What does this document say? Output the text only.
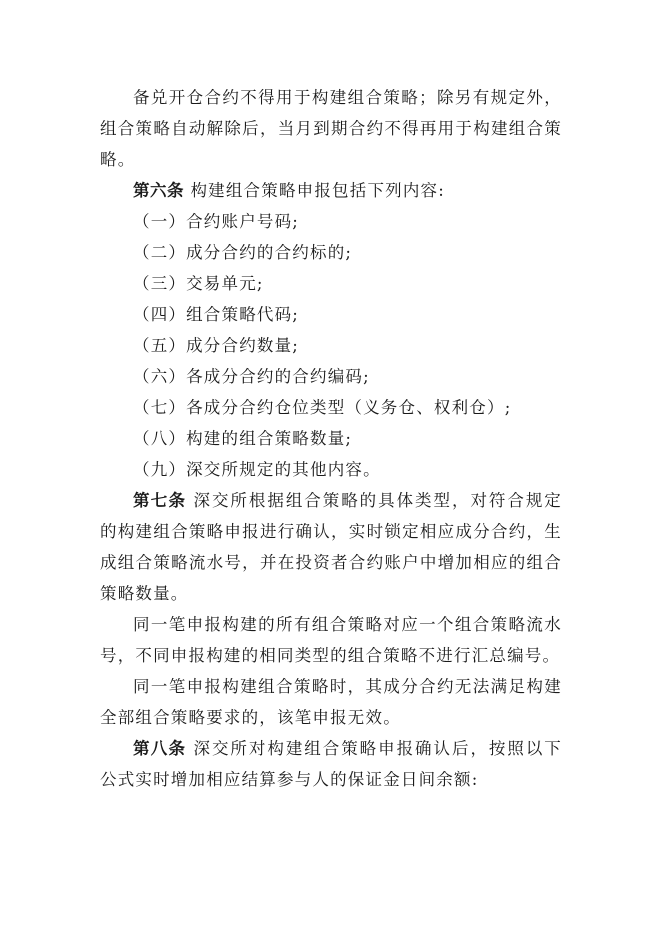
备兑开仓合约不得用于构建组合策略；除另有规定外，组合策略自动解除后，当月到期合约不得再用于构建组合策略。

第六条 构建组合策略申报包括下列内容:

（一）合约账户号码;

（二）成分合约的合约标的;

（三）交易单元;

（四）组合策略代码;

（五）成分合约数量;

（六）各成分合约的合约编码;

（七）各成分合约仓位类型（义务仓、权利仓）;

（八）构建的组合策略数量;

（九）深交所规定的其他内容。

第七条 深交所根据组合策略的具体类型，对符合规定的构建组合策略申报进行确认，实时锁定相应成分合约，生成组合策略流水号，并在投资者合约账户中增加相应的组合策略数量。

同一笔申报构建的所有组合策略对应一个组合策略流水号，不同申报构建的相同类型的组合策略不进行汇总编号。

同一笔申报构建组合策略时，其成分合约无法满足构建全部组合策略要求的，该笔申报无效。

第八条 深交所对构建组合策略申报确认后，按照以下公式实时增加相应结算参与人的保证金日间余额:
